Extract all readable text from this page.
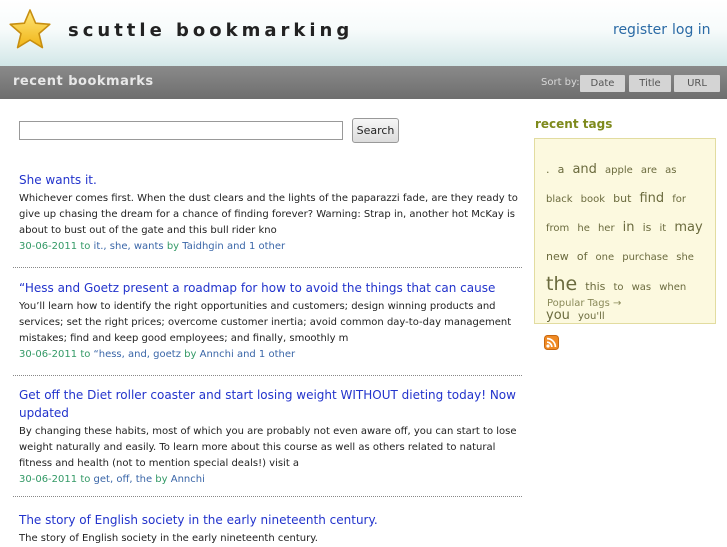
scuttle bookmarking	register log in
recent bookmarks	Sort by:	Date	Title	URL
Search
She wants it.
Whichever comes first. When the dust clears and the lights of the paparazzi fade, are they ready to give up chasing the dream for a chance of finding forever? Warning: Strap in, another hot McKay is about to bust out of the gate and this bull rider kno
30-06-2011 to it., she, wants by Taidhgin and 1 other
“Hess and Goetz present a roadmap for how to avoid the things that can cause
You’ll learn how to identify the right opportunities and customers; design winning products and services; set the right prices; overcome customer inertia; avoid common day-to-day management mistakes; find and keep good employees; and finally, smoothly m
30-06-2011 to “hess, and, goetz by Annchi and 1 other
Get off the Diet roller coaster and start losing weight WITHOUT dieting today! Now updated
By changing these habits, most of which you are probably not even aware off, you can start to lose weight naturally and easily. To learn more about this course as well as others related to natural fitness and health (not to mention special deals!) visit a
30-06-2011 to get, off, the by Annchi
The story of English society in the early nineteenth century.
The story of English society in the early nineteenth century.
recent tags
. a and apple are as black book but find for from he her in is it may new of one purchase she the this to was when you you'll
Popular Tags →
